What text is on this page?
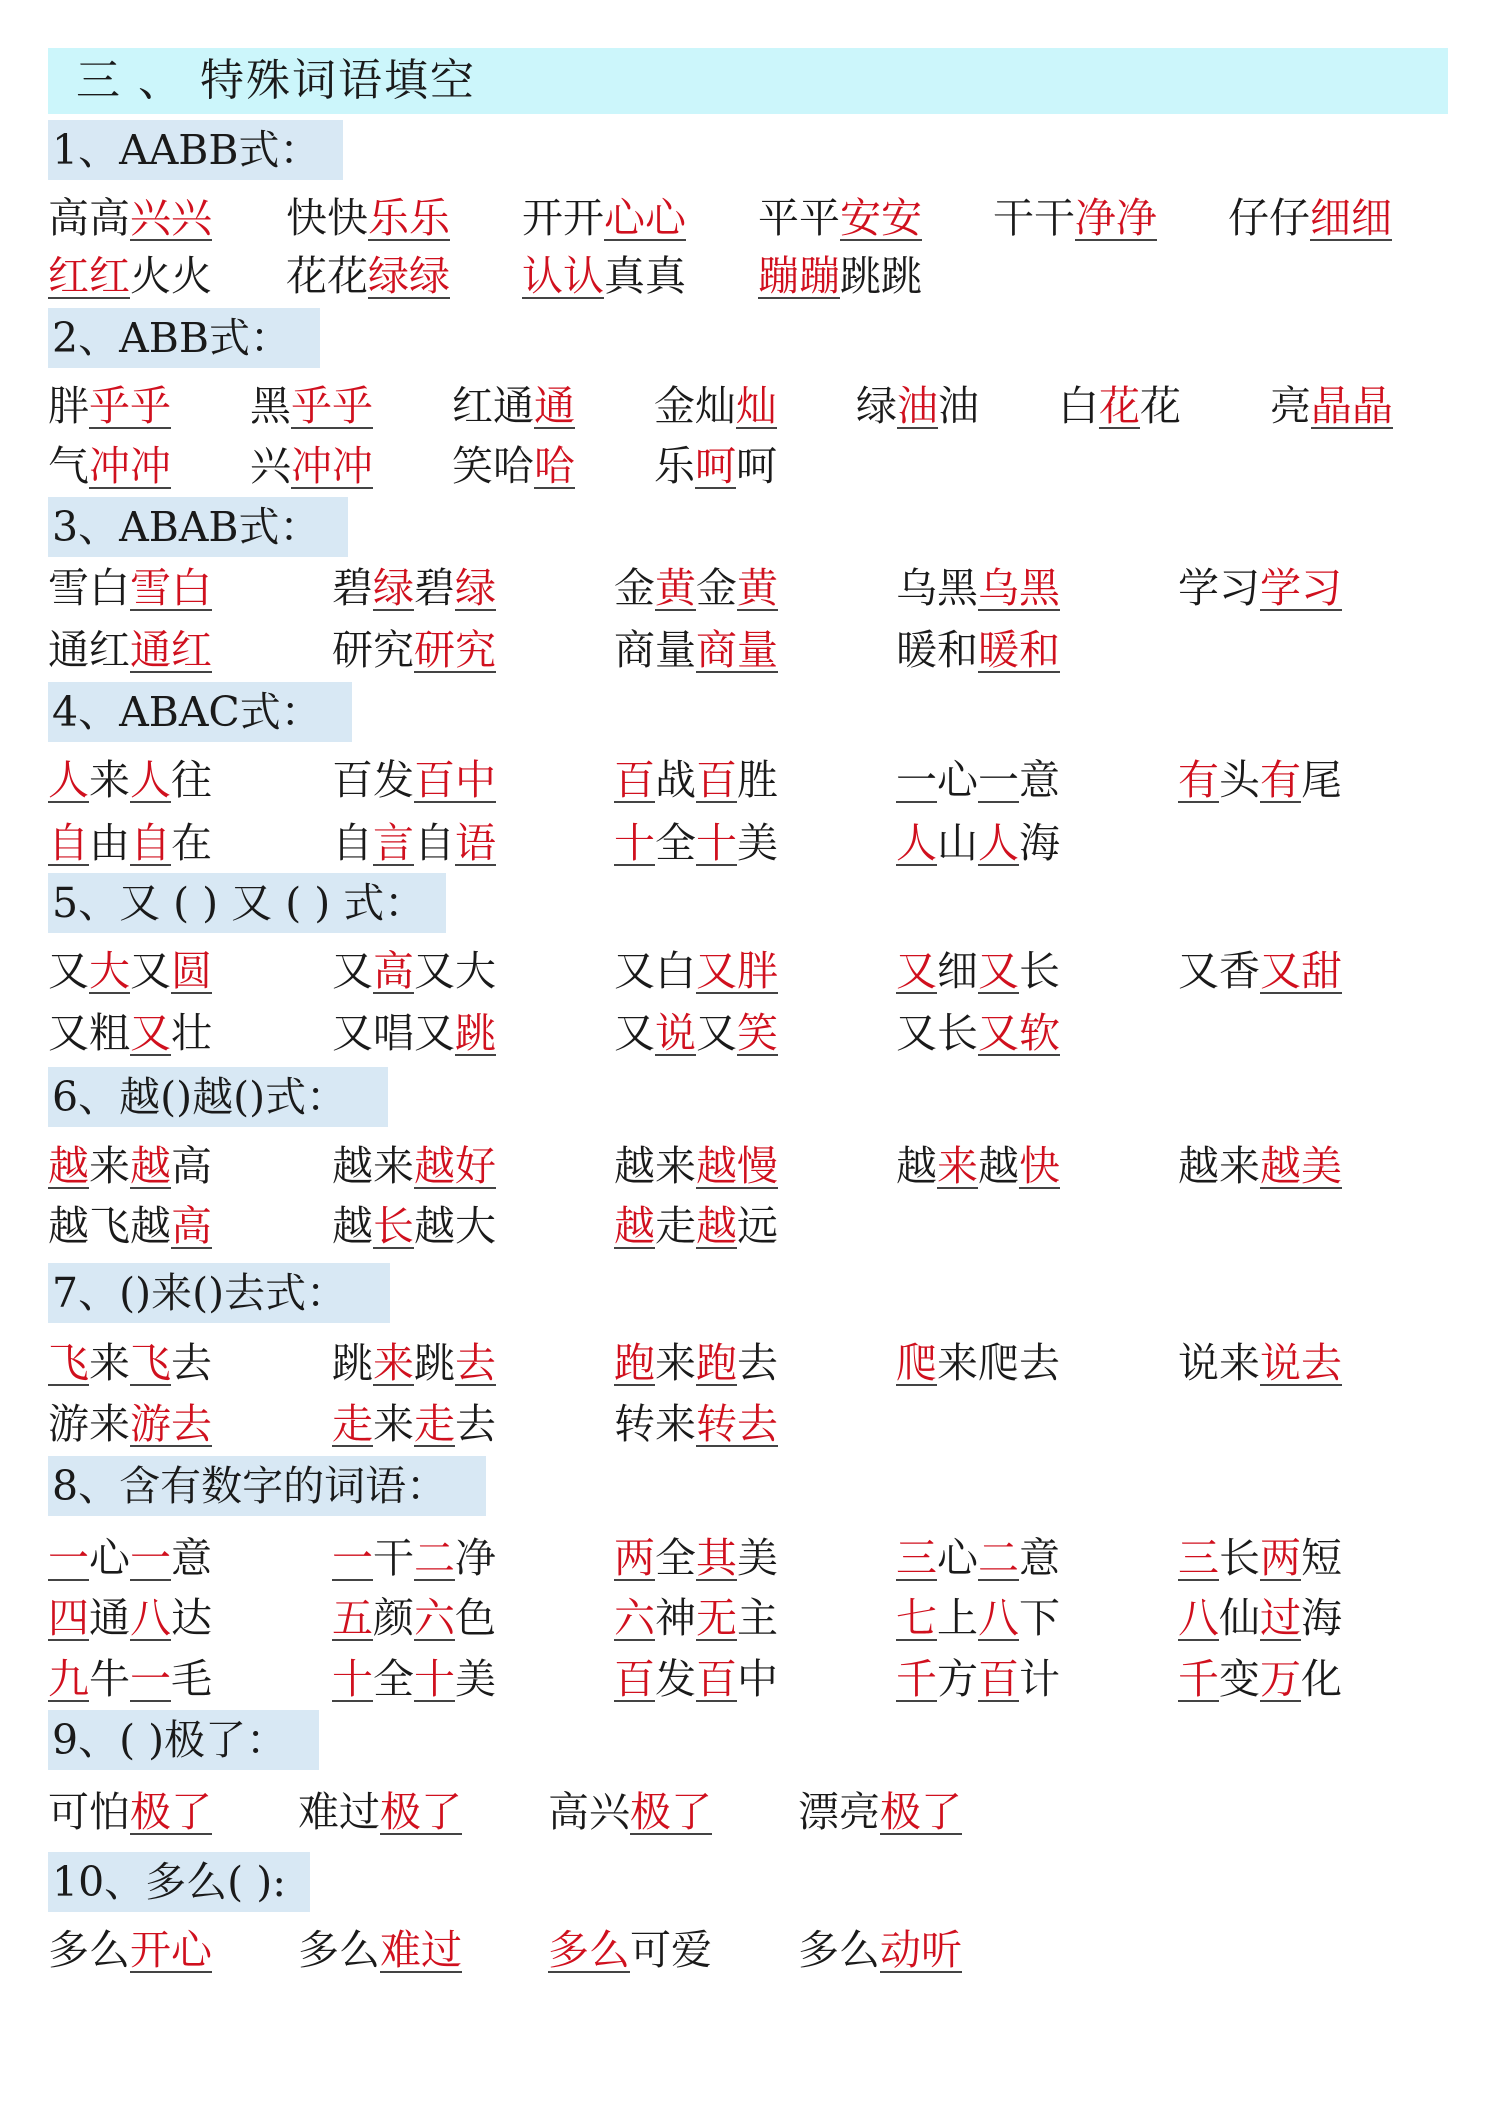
三 、 特殊词语填空
1、AABB式：
高高兴兴 快快乐乐 开开心心 平平安安 干干净净 仔仔细细
红红火火 花花绿绿 认认真真 蹦蹦跳跳
2、ABB式：
胖乎乎 黑乎乎 红通通 金灿灿 绿油油 白花花 亮晶晶
气冲冲 兴冲冲 笑哈哈 乐呵呵
3、ABAB式：
雪白雪白	碧绿碧绿	金黄金黄	乌黑乌黑	学习学习
通红通红	研究研究	商量商量	暖和暖和
4、ABAC式：
人来人往	百发百中	百战百胜	一心一意	有头有尾
自由自在	自言自语	十全十美	人山人海
5、又 ( ) 又 ( ) 式：
又大又圆	又高又大	又白又胖	又细又长	又香又甜
又粗又壮	又唱又跳	又说又笑	又长又软
6、越()越()式：
越来越高	越来越好	越来越慢	越来越快	越来越美
越飞越高	越长越大	越走越远
7、()来()去式：
飞来飞去	跳来跳去	跑来跑去	爬来爬去	说来说去
游来游去	走来走去	转来转去
8、含有数字的词语：
一心一意	一干二净	两全其美	三心二意	三长两短
四通八达	五颜六色	六神无主	七上八下	八仙过海
九牛一毛	十全十美	百发百中	千方百计	千变万化
9、( )极了：
可怕极了 难过极了 高兴极了 漂亮极了
10、多么( ):
多么开心 多么难过 多么可爱 多么动听
